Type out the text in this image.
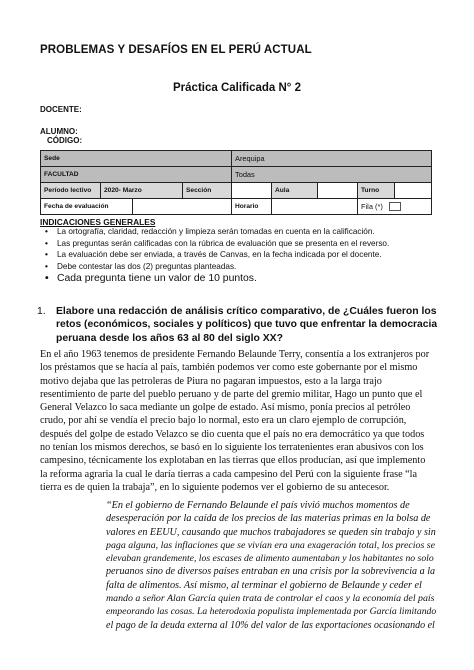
PROBLEMAS Y DESAFÍOS EN EL PERÚ ACTUAL
Práctica Calificada N° 2
DOCENTE:
ALUMNO:
CÓDIGO:
Sede				Arequipa				
FACULTAD				Todas				
Período lectivo	2020- Marzo		Sección		Aula		Turno	
Fecha de evaluación				Horario			Fila (*)	
INDICACIONES GENERALES
• La ortografía, claridad, redacción y limpieza serán tomadas en cuenta en la calificación.
• Las preguntas serán calificadas con la rúbrica de evaluación que se presenta en el reverso.
• La evaluación debe ser enviada, a través de Canvas, en la fecha indicada por el docente.
• Debe contestar las dos (2) preguntas planteadas.
• Cada pregunta tiene un valor de 10 puntos.
1. Elabore una redacción de análisis crítico comparativo, de ¿Cuáles fueron los
retos (económicos, sociales y políticos) que tuvo que enfrentar la democracia
peruana desde los años 63 al 80 del siglo XX?
En el año 1963 tenemos de presidente Fernando Belaunde Terry, consentía a los extranjeros por
los préstamos que se hacía al país, también podemos ver como este gobernante por el mismo
motivo dejaba que las petroleras de Piura no pagaran impuestos, esto a la larga trajo
resentimiento de parte del pueblo peruano y de parte del gremio militar, Hago un punto que el
General Velazco lo saca mediante un golpe de estado. Así mismo, ponía precios al petróleo
crudo, por ahí se vendía el precio bajo lo normal, esto era un claro ejemplo de corrupción,
después del golpe de estado Velazco se dio cuenta que el país no era democrático ya que todos
no tenían los mismos derechos, se basó en lo siguiente los terratenientes eran abusivos con los
campesino, técnicamente los explotaban en las tierras que ellos producían, así que implemento
la reforma agraria la cual le daría tierras a cada campesino del Perú con la siguiente frase “la
tierra es de quien la trabaja”, en lo siguiente podemos ver el gobierno de su antecesor.
“En el gobierno de Fernando Belaunde el país vivió muchos momentos de
desesperación por la caída de los precios de las materias primas en la bolsa de
valores en EEUU, causando que muchos trabajadores se queden sin trabajo y sin
paga alguna, las inflaciones que se vivían era una exageración total, los precios se
elevaban grandemente, los escases de alimento aumentaban y los habitantes no solo
peruanos sino de diversos países entraban en una crisis por la sobrevivencia a la
falta de alimentos. Así mismo, al terminar el gobierno de Belaunde y ceder el
mando a señor Alan García quien trata de controlar el caos y la economía del país
empeorando las cosas. La heterodoxia populista implementada por García limitando
el pago de la deuda externa al 10% del valor de las exportaciones ocasionando el
